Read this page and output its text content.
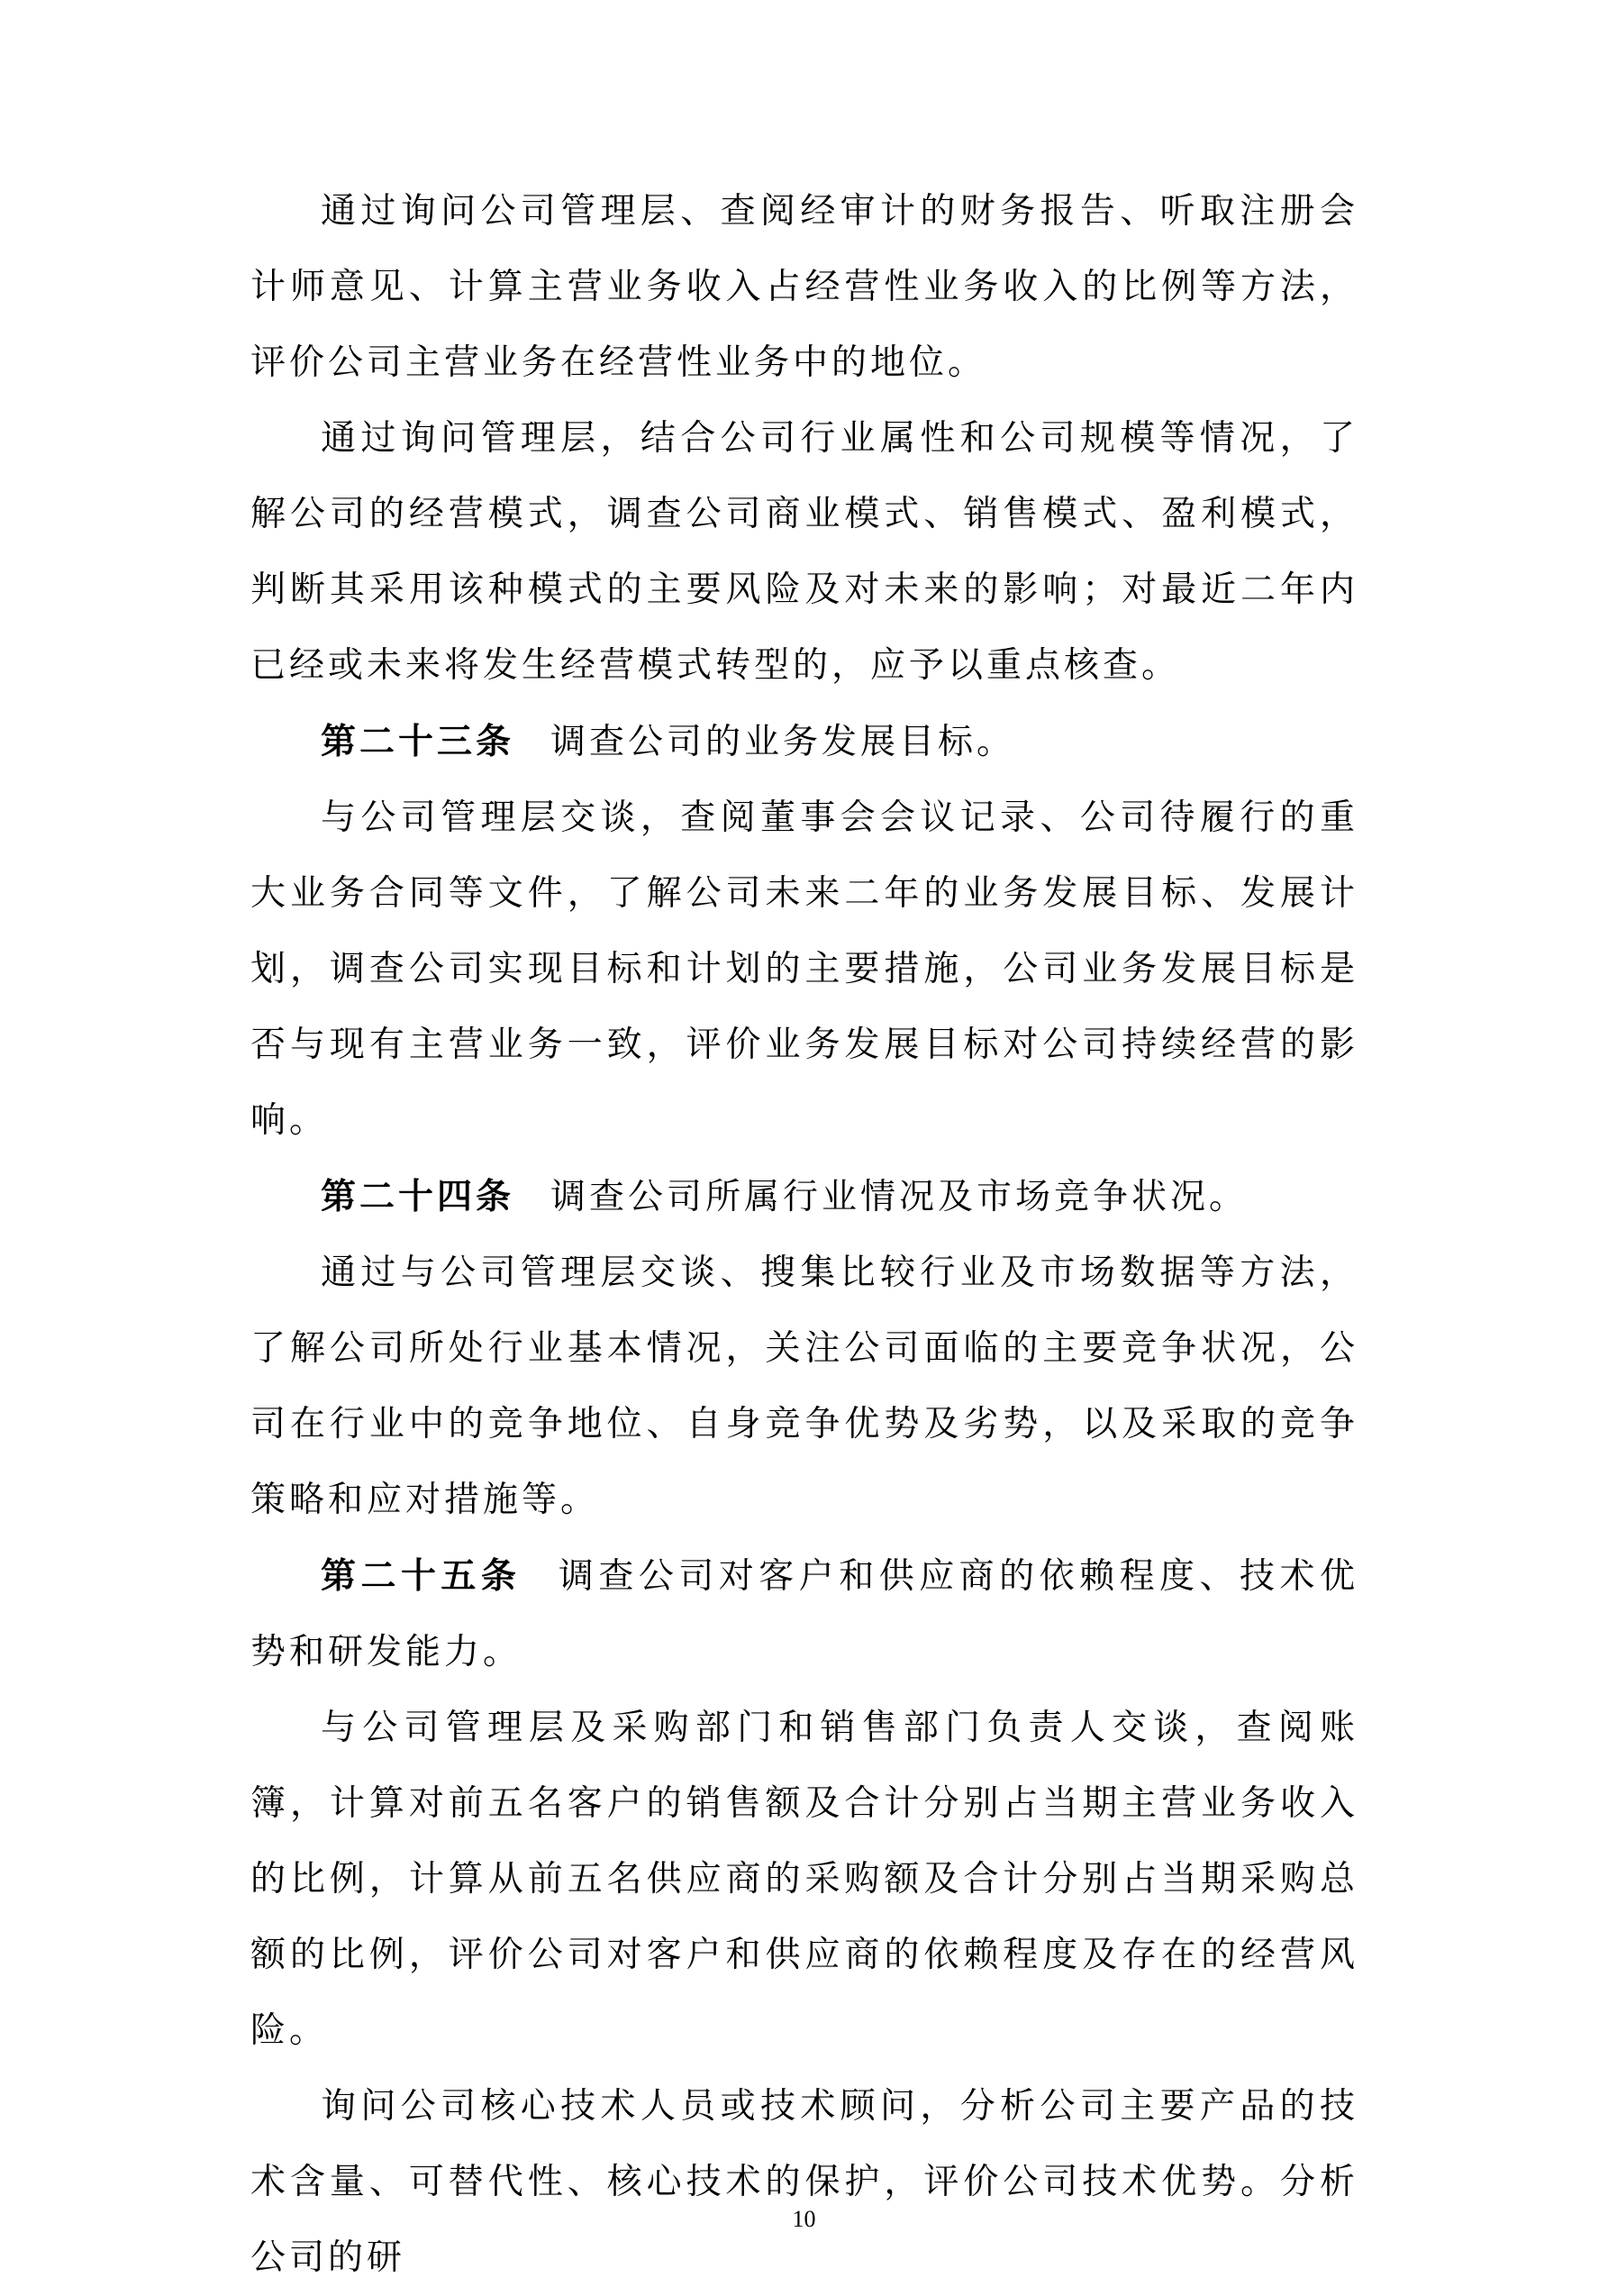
通过询问公司管理层、查阅经审计的财务报告、听取注册会计师意见、计算主营业务收入占经营性业务收入的比例等方法，评价公司主营业务在经营性业务中的地位。

通过询问管理层，结合公司行业属性和公司规模等情况，了解公司的经营模式，调查公司商业模式、销售模式、盈利模式，判断其采用该种模式的主要风险及对未来的影响；对最近二年内已经或未来将发生经营模式转型的，应予以重点核查。

第二十三条 调查公司的业务发展目标。

与公司管理层交谈，查阅董事会会议记录、公司待履行的重大业务合同等文件，了解公司未来二年的业务发展目标、发展计划，调查公司实现目标和计划的主要措施，公司业务发展目标是否与现有主营业务一致，评价业务发展目标对公司持续经营的影响。

第二十四条 调查公司所属行业情况及市场竞争状况。

通过与公司管理层交谈、搜集比较行业及市场数据等方法，了解公司所处行业基本情况，关注公司面临的主要竞争状况，公司在行业中的竞争地位、自身竞争优势及劣势，以及采取的竞争策略和应对措施等。

第二十五条 调查公司对客户和供应商的依赖程度、技术优势和研发能力。

与公司管理层及采购部门和销售部门负责人交谈，查阅账簿，计算对前五名客户的销售额及合计分别占当期主营业务收入的比例，计算从前五名供应商的采购额及合计分别占当期采购总额的比例，评价公司对客户和供应商的依赖程度及存在的经营风险。

询问公司核心技术人员或技术顾问，分析公司主要产品的技术含量、可替代性、核心技术的保护，评价公司技术优势。分析公司的研

10
